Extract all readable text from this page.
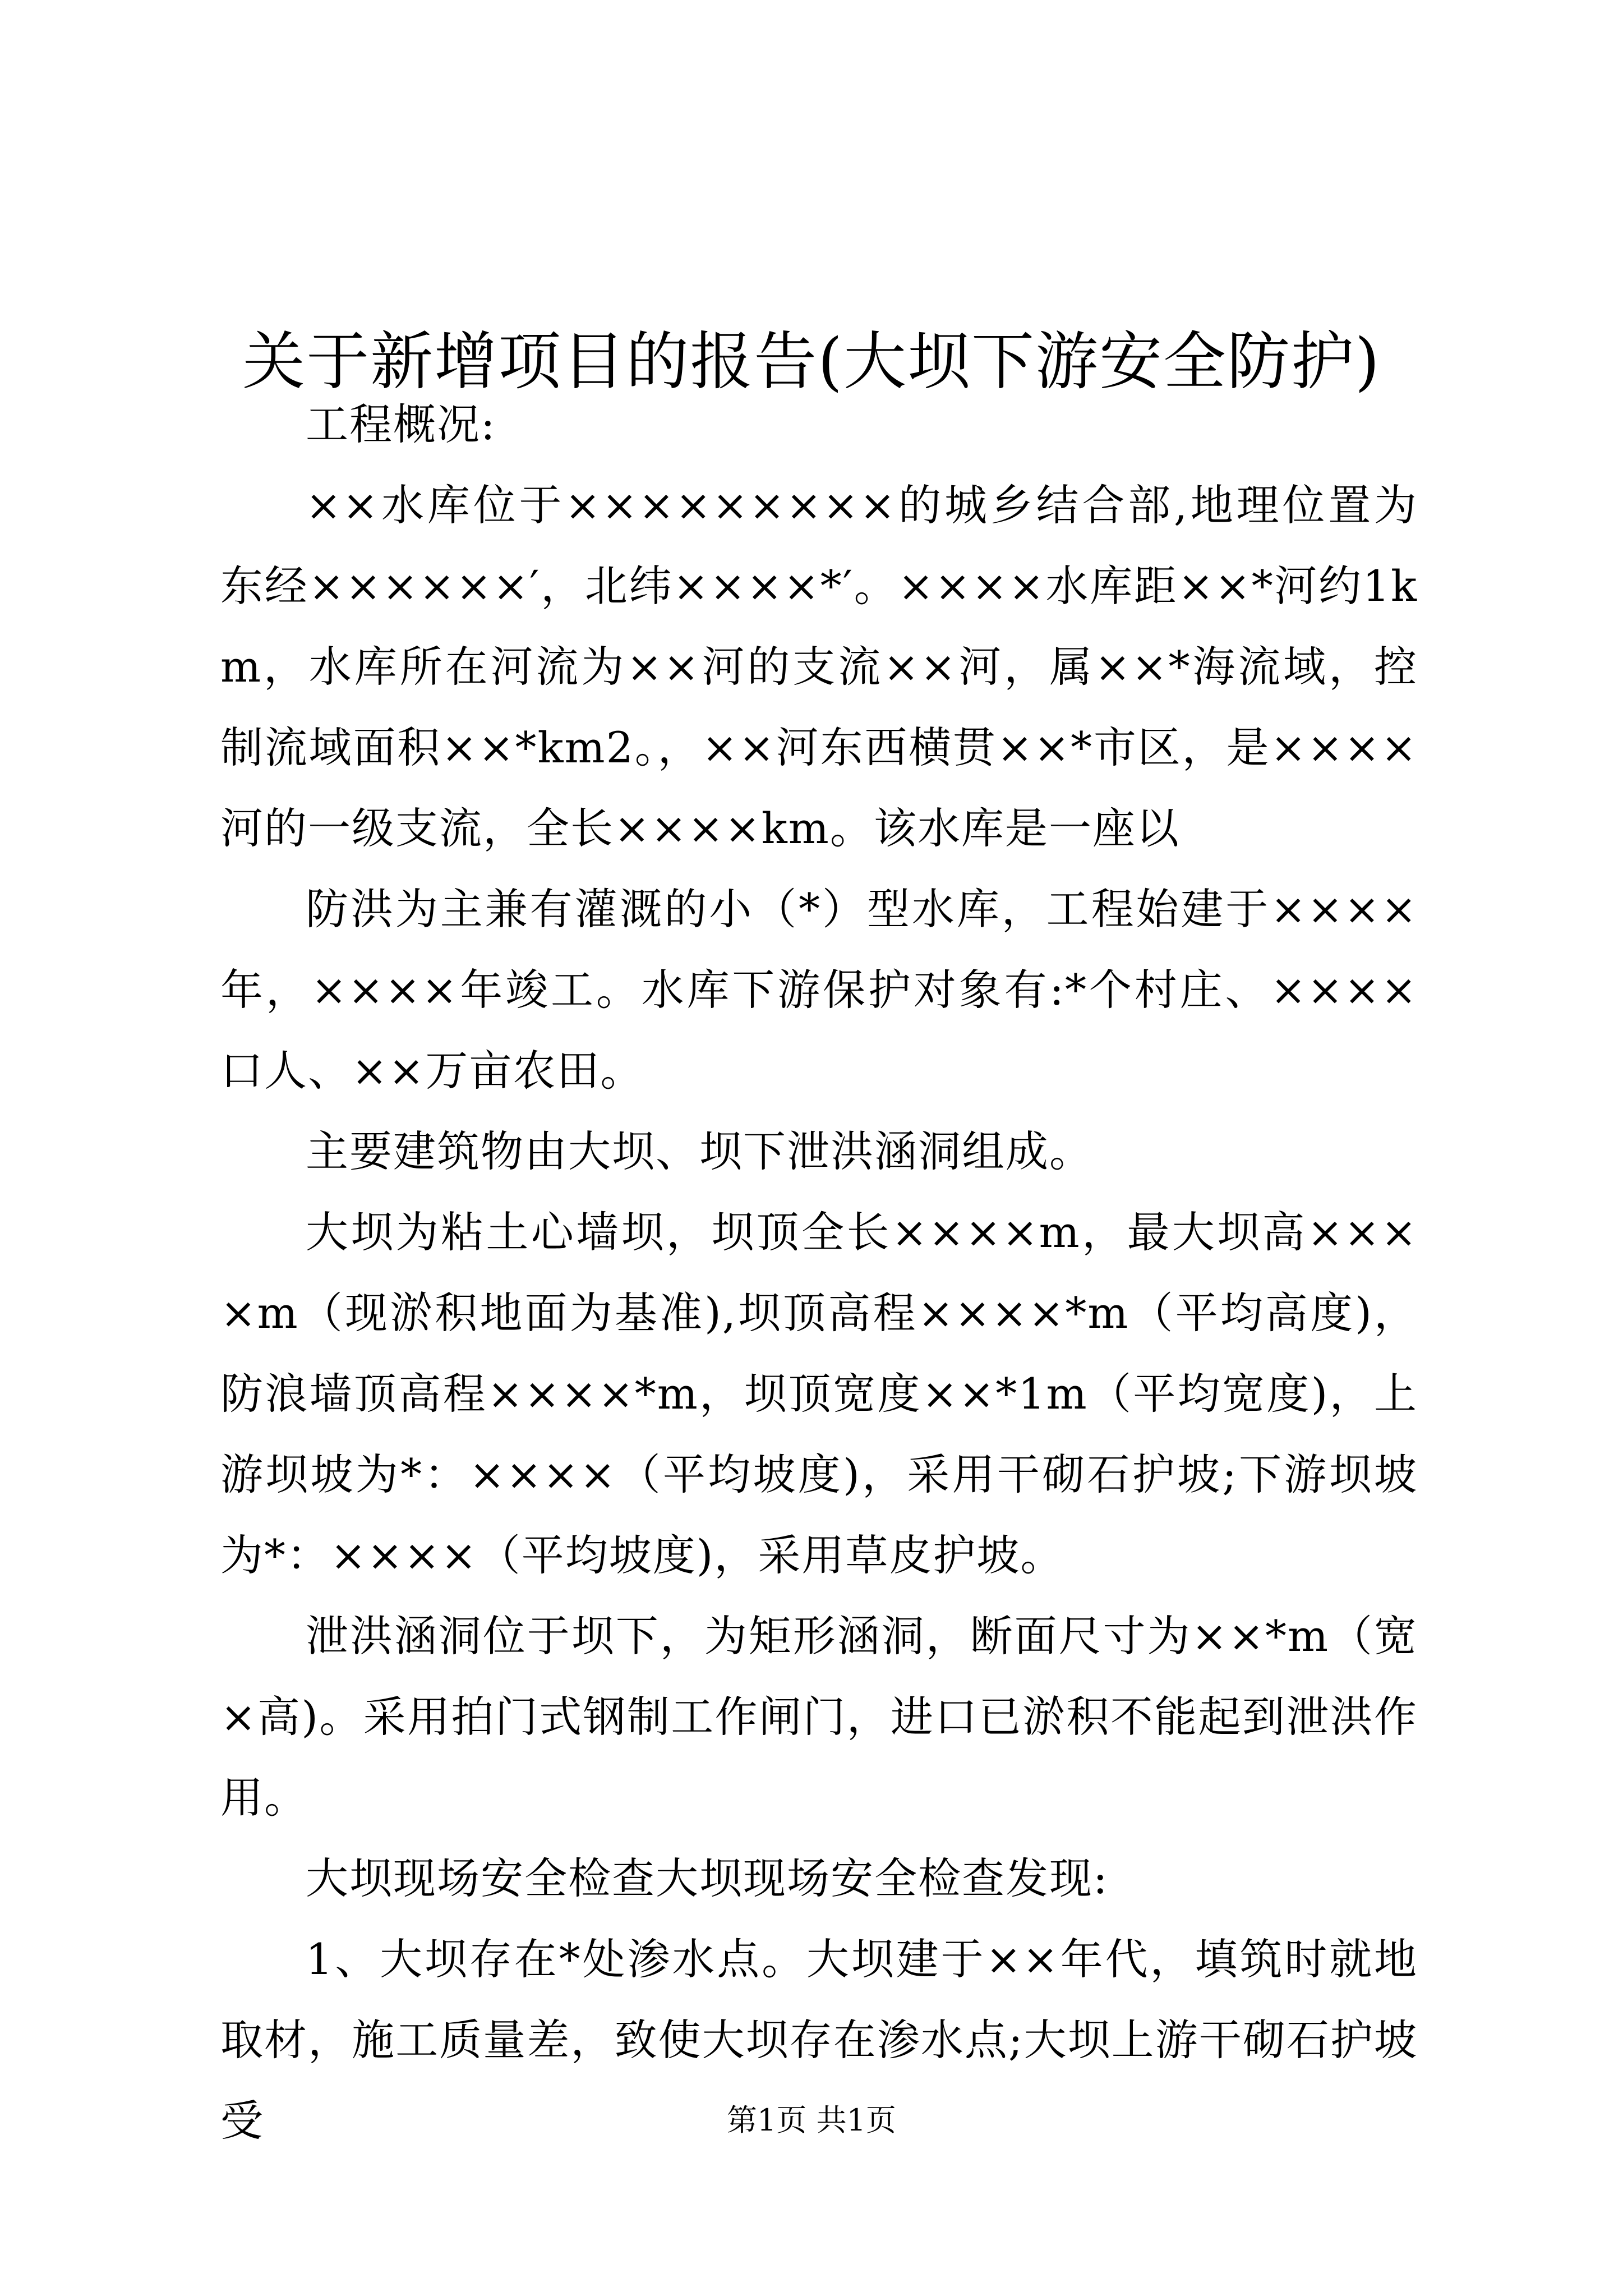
关于新增项目的报告(大坝下游安全防护)

工程概况:

××水库位于×××××××××的城乡结合部,地理位置为东经××××××′，北纬××××*′。××××水库距××*河约1km，水库所在河流为××河的支流××河，属××*海流域，控制流域面积××*km2。，××河东西横贯××*市区，是××××河的一级支流，全长××××km。该水库是一座以

防洪为主兼有灌溉的小（*）型水库，工程始建于××××年，××××年竣工。水库下游保护对象有:*个村庄、××××口人、××万亩农田。

主要建筑物由大坝、坝下泄洪涵洞组成。

大坝为粘土心墙坝，坝顶全长××××m，最大坝高××××m（现淤积地面为基准),坝顶高程××××*m（平均高度)，防浪墙顶高程××××*m，坝顶宽度××*1m（平均宽度)，上游坝坡为*：××××（平均坡度)，采用干砌石护坡;下游坝坡为*：××××（平均坡度)，采用草皮护坡。

泄洪涵洞位于坝下，为矩形涵洞，断面尺寸为××*m（宽×高)。采用拍门式钢制工作闸门，进口已淤积不能起到泄洪作用。

大坝现场安全检查大坝现场安全检查发现:

1、大坝存在*处渗水点。大坝建于××年代，填筑时就地取材，施工质量差，致使大坝存在渗水点;大坝上游干砌石护坡受	第1页 共1页
